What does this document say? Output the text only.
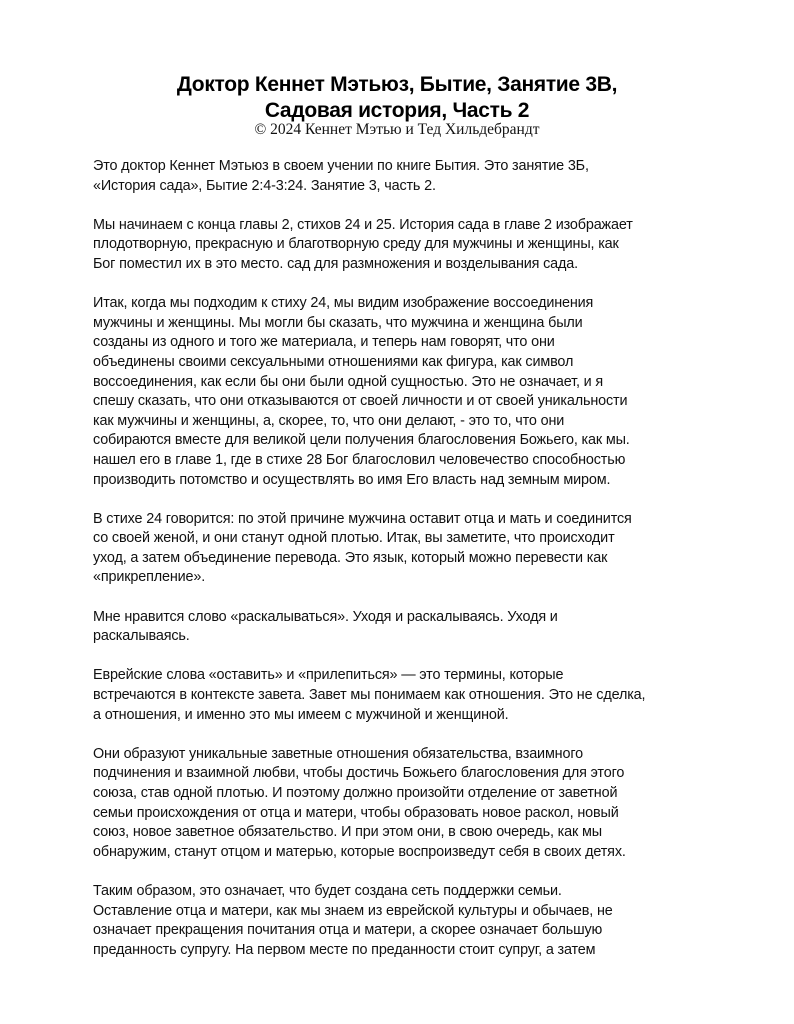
Доктор Кеннет Мэтьюз, Бытие, Занятие 3В,
Садовая история, Часть 2
© 2024 Кеннет Мэтью и Тед Хильдебрандт

Это доктор Кеннет Мэтьюз в своем учении по книге Бытия. Это занятие 3Б,
«История сада», Бытие 2:4-3:24. Занятие 3, часть 2.

Мы начинаем с конца главы 2, стихов 24 и 25. История сада в главе 2 изображает
плодотворную, прекрасную и благотворную среду для мужчины и женщины, как
Бог поместил их в это место. сад для размножения и возделывания сада.

Итак, когда мы подходим к стиху 24, мы видим изображение воссоединения
мужчины и женщины. Мы могли бы сказать, что мужчина и женщина были
созданы из одного и того же материала, и теперь нам говорят, что они
объединены своими сексуальными отношениями как фигура, как символ
воссоединения, как если бы они были одной сущностью. Это не означает, и я
спешу сказать, что они отказываются от своей личности и от своей уникальности
как мужчины и женщины, а, скорее, то, что они делают, - это то, что они
собираются вместе для великой цели получения благословения Божьего, как мы.
нашел его в главе 1, где в стихе 28 Бог благословил человечество способностью
производить потомство и осуществлять во имя Его власть над земным миром.

В стихе 24 говорится: по этой причине мужчина оставит отца и мать и соединится
со своей женой, и они станут одной плотью. Итак, вы заметите, что происходит
уход, а затем объединение перевода. Это язык, который можно перевести как
«прикрепление».

Мне нравится слово «раскалываться». Уходя и раскалываясь. Уходя и
раскалываясь.

Еврейские слова «оставить» и «прилепиться» — это термины, которые
встречаются в контексте завета. Завет мы понимаем как отношения. Это не сделка,
а отношения, и именно это мы имеем с мужчиной и женщиной.

Они образуют уникальные заветные отношения обязательства, взаимного
подчинения и взаимной любви, чтобы достичь Божьего благословения для этого
союза, став одной плотью. И поэтому должно произойти отделение от заветной
семьи происхождения от отца и матери, чтобы образовать новое раскол, новый
союз, новое заветное обязательство. И при этом они, в свою очередь, как мы
обнаружим, станут отцом и матерью, которые воспроизведут себя в своих детях.

Таким образом, это означает, что будет создана сеть поддержки семьи.
Оставление отца и матери, как мы знаем из еврейской культуры и обычаев, не
означает прекращения почитания отца и матери, а скорее означает большую
преданность супругу. На первом месте по преданности стоит супруг, а затем
